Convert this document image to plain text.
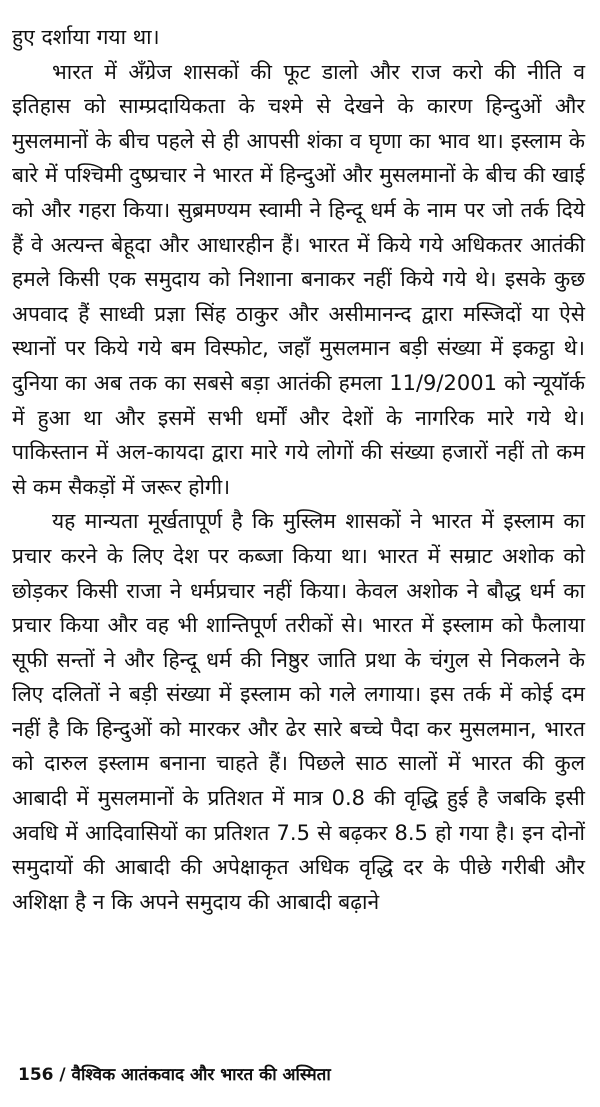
हुए दर्शाया गया था।

भारत में अँग्रेज शासकों की फूट डालो और राज करो की नीति व इतिहास को साम्प्रदायिकता के चश्मे से देखने के कारण हिन्दुओं और मुसलमानों के बीच पहले से ही आपसी शंका व घृणा का भाव था। इस्लाम के बारे में पश्चिमी दुष्प्रचार ने भारत में हिन्दुओं और मुसलमानों के बीच की खाई को और गहरा किया। सुब्रमण्यम स्वामी ने हिन्दू धर्म के नाम पर जो तर्क दिये हैं वे अत्यन्त बेहूदा और आधारहीन हैं। भारत में किये गये अधिकतर आतंकी हमले किसी एक समुदाय को निशाना बनाकर नहीं किये गये थे। इसके कुछ अपवाद हैं साध्वी प्रज्ञा सिंह ठाकुर और असीमानन्द द्वारा मस्जिदों या ऐसे स्थानों पर किये गये बम विस्फोट, जहाँ मुसलमान बड़ी संख्या में इकट्ठा थे। दुनिया का अब तक का सबसे बड़ा आतंकी हमला 11/9/2001 को न्यूयॉर्क में हुआ था और इसमें सभी धर्मों और देशों के नागरिक मारे गये थे। पाकिस्तान में अल-कायदा द्वारा मारे गये लोगों की संख्या हजारों नहीं तो कम से कम सैकड़ों में जरूर होगी।

यह मान्यता मूर्खतापूर्ण है कि मुस्लिम शासकों ने भारत में इस्लाम का प्रचार करने के लिए देश पर कब्जा किया था। भारत में सम्राट अशोक को छोड़कर किसी राजा ने धर्मप्रचार नहीं किया। केवल अशोक ने बौद्ध धर्म का प्रचार किया और वह भी शान्तिपूर्ण तरीकों से। भारत में इस्लाम को फैलाया सूफी सन्तों ने और हिन्दू धर्म की निष्ठुर जाति प्रथा के चंगुल से निकलने के लिए दलितों ने बड़ी संख्या में इस्लाम को गले लगाया। इस तर्क में कोई दम नहीं है कि हिन्दुओं को मारकर और ढेर सारे बच्चे पैदा कर मुसलमान, भारत को दारुल इस्लाम बनाना चाहते हैं। पिछले साठ सालों में भारत की कुल आबादी में मुसलमानों के प्रतिशत में मात्र 0.8 की वृद्धि हुई है जबकि इसी अवधि में आदिवासियों का प्रतिशत 7.5 से बढ़कर 8.5 हो गया है। इन दोनों समुदायों की आबादी की अपेक्षाकृत अधिक वृद्धि दर के पीछे गरीबी और अशिक्षा है न कि अपने समुदाय की आबादी बढ़ाने

156 / वैश्विक आतंकवाद और भारत की अस्मिता
